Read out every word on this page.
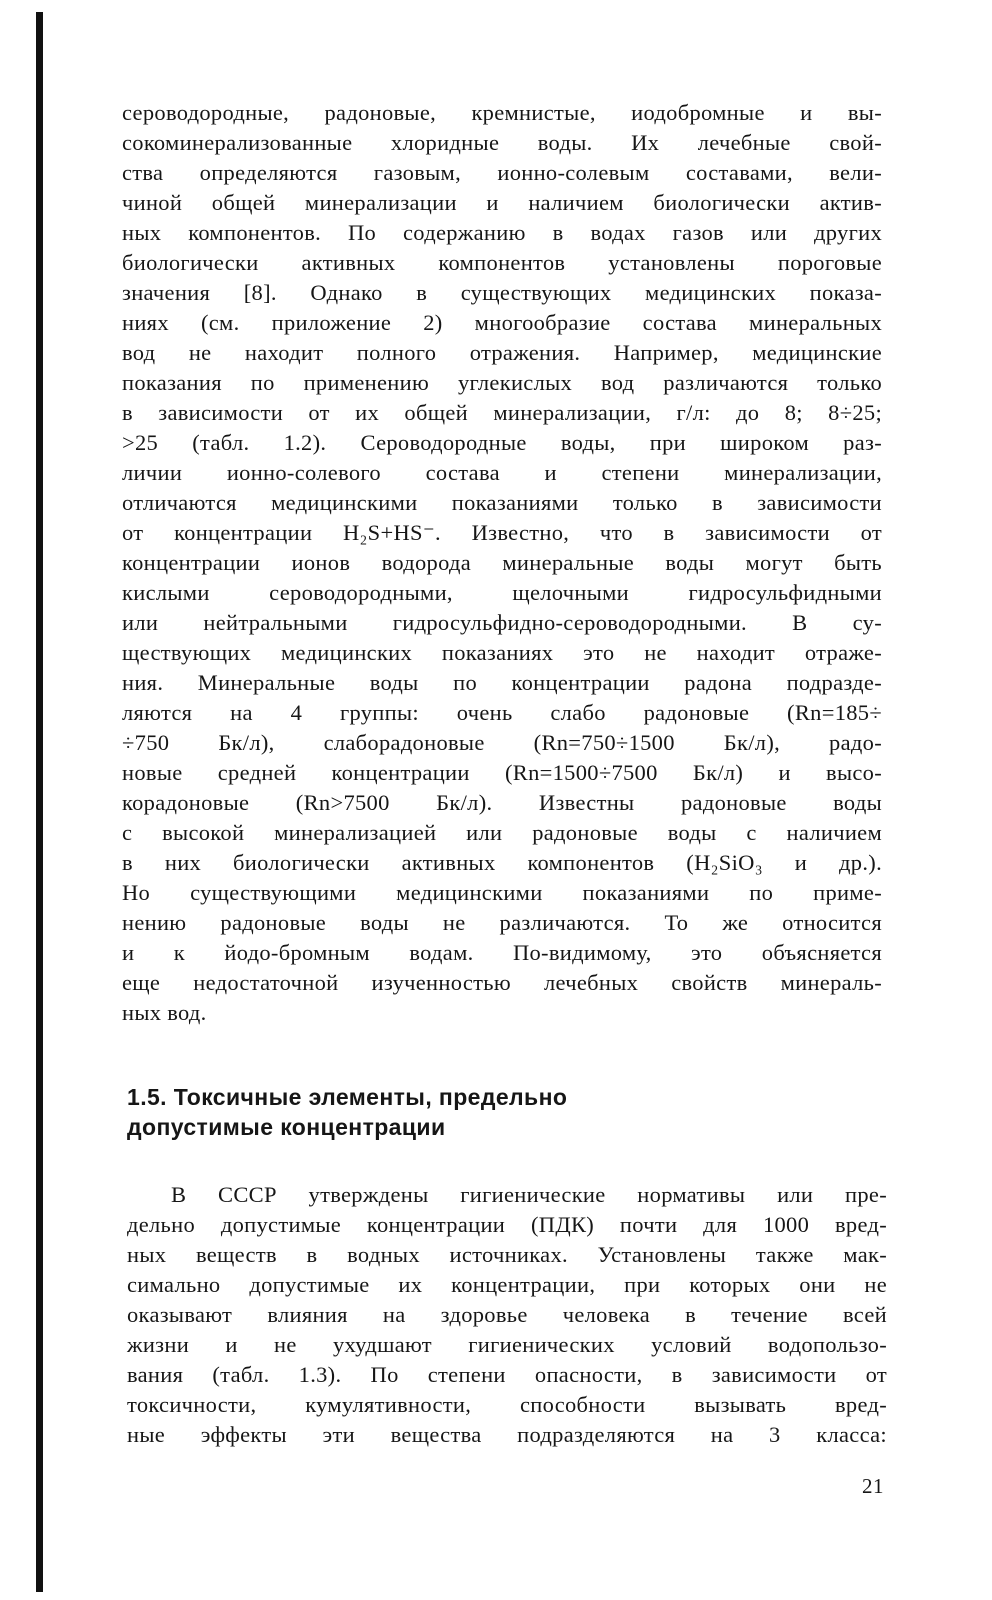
сероводородные, радоновые, кремнистые, иодобромные и вы-
сокоминерализованные хлоридные воды. Их лечебные свой-
ства определяются газовым, ионно-солевым составами, вели-
чиной общей минерализации и наличием биологически актив-
ных компонентов. По содержанию в водах газов или других
биологически активных компонентов установлены пороговые
значения [8]. Однако в существующих медицинских показа-
ниях (см. приложение 2) многообразие состава минеральных
вод не находит полного отражения. Например, медицинские
показания по применению углекислых вод различаются только
в зависимости от их общей минерализации, г/л: до 8; 8÷25;
>25 (табл. 1.2). Сероводородные воды, при широком раз-
личии ионно-солевого состава и степени минерализации,
отличаются медицинскими показаниями только в зависимости
от концентрации H₂S+HS⁻. Известно, что в зависимости от
концентрации ионов водорода минеральные воды могут быть
кислыми сероводородными, щелочными гидросульфидными
или нейтральными гидросульфидно-сероводородными. В су-
ществующих медицинских показаниях это не находит отраже-
ния. Минеральные воды по концентрации радона подразде-
ляются на 4 группы: очень слабо радоновые (Rn=185÷
÷750 Бк/л), слаборадоновые (Rn=750÷1500 Бк/л), радо-
новые средней концентрации (Rn=1500÷7500 Бк/л) и высо-
корадоновые (Rn>7500 Бк/л). Известны радоновые воды
с высокой минерализацией или радоновые воды с наличием
в них биологически активных компонентов (H₂SiO₃ и др.).
Но существующими медицинскими показаниями по приме-
нению радоновые воды не различаются. То же относится
и к йодо-бромным водам. По-видимому, это объясняется
еще недостаточной изученностью лечебных свойств минераль-
ных вод.
1.5. Токсичные элементы, предельно
допустимые концентрации
В СССР утверждены гигиенические нормативы или пре-
дельно допустимые концентрации (ПДК) почти для 1000 вред-
ных веществ в водных источниках. Установлены также мак-
симально допустимые их концентрации, при которых они не
оказывают влияния на здоровье человека в течение всей
жизни и не ухудшают гигиенических условий водопользо-
вания (табл. 1.3). По степени опасности, в зависимости от
токсичности, кумулятивности, способности вызывать вред-
ные эффекты эти вещества подразделяются на 3 класса:
21
